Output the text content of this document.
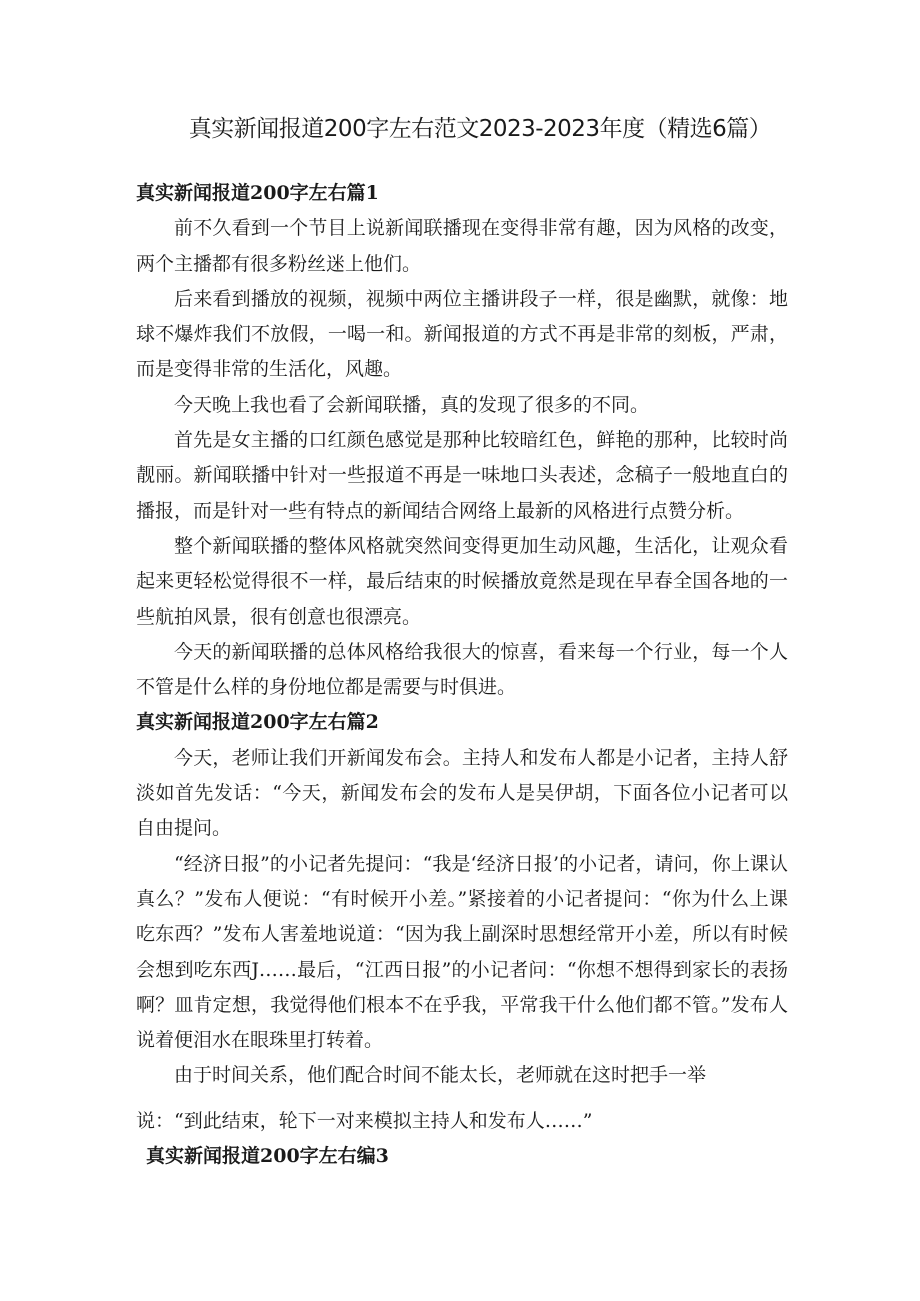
真实新闻报道200字左右范文2023-2023年度（精选6篇）

真实新闻报道200字左右篇1

前不久看到一个节目上说新闻联播现在变得非常有趣，因为风格的改变，两个主播都有很多粉丝迷上他们。

后来看到播放的视频，视频中两位主播讲段子一样，很是幽默，就像：地球不爆炸我们不放假，一喝一和。新闻报道的方式不再是非常的刻板，严肃，而是变得非常的生活化，风趣。

今天晚上我也看了会新闻联播，真的发现了很多的不同。

首先是女主播的口红颜色感觉是那种比较暗红色，鲜艳的那种，比较时尚靓丽。新闻联播中针对一些报道不再是一味地口头表述，念稿子一般地直白的播报，而是针对一些有特点的新闻结合网络上最新的风格进行点赞分析。

整个新闻联播的整体风格就突然间变得更加生动风趣，生活化，让观众看起来更轻松觉得很不一样，最后结束的时候播放竟然是现在早春全国各地的一些航拍风景，很有创意也很漂亮。

今天的新闻联播的总体风格给我很大的惊喜，看来每一个行业，每一个人不管是什么样的身份地位都是需要与时俱进。

真实新闻报道200字左右篇2

今天，老师让我们开新闻发布会。主持人和发布人都是小记者，主持人舒淡如首先发话：“今天，新闻发布会的发布人是吴伊胡，下面各位小记者可以自由提问。

“经济日报”的小记者先提问：“我是‘经济日报’的小记者，请问，你上课认真么？”发布人便说：“有时候开小差。”紧接着的小记者提问：“你为什么上课吃东西？”发布人害羞地说道：“因为我上副深时思想经常开小差，所以有时候会想到吃东西J……最后，“江西日报”的小记者问：“你想不想得到家长的表扬啊？皿肯定想，我觉得他们根本不在乎我，平常我干什么他们都不管。”发布人说着便泪水在眼珠里打转着。

由于时间关系，他们配合时间不能太长，老师就在这时把手一举

说：“到此结束，轮下一对来模拟主持人和发布人……”

真实新闻报道200字左右编3
